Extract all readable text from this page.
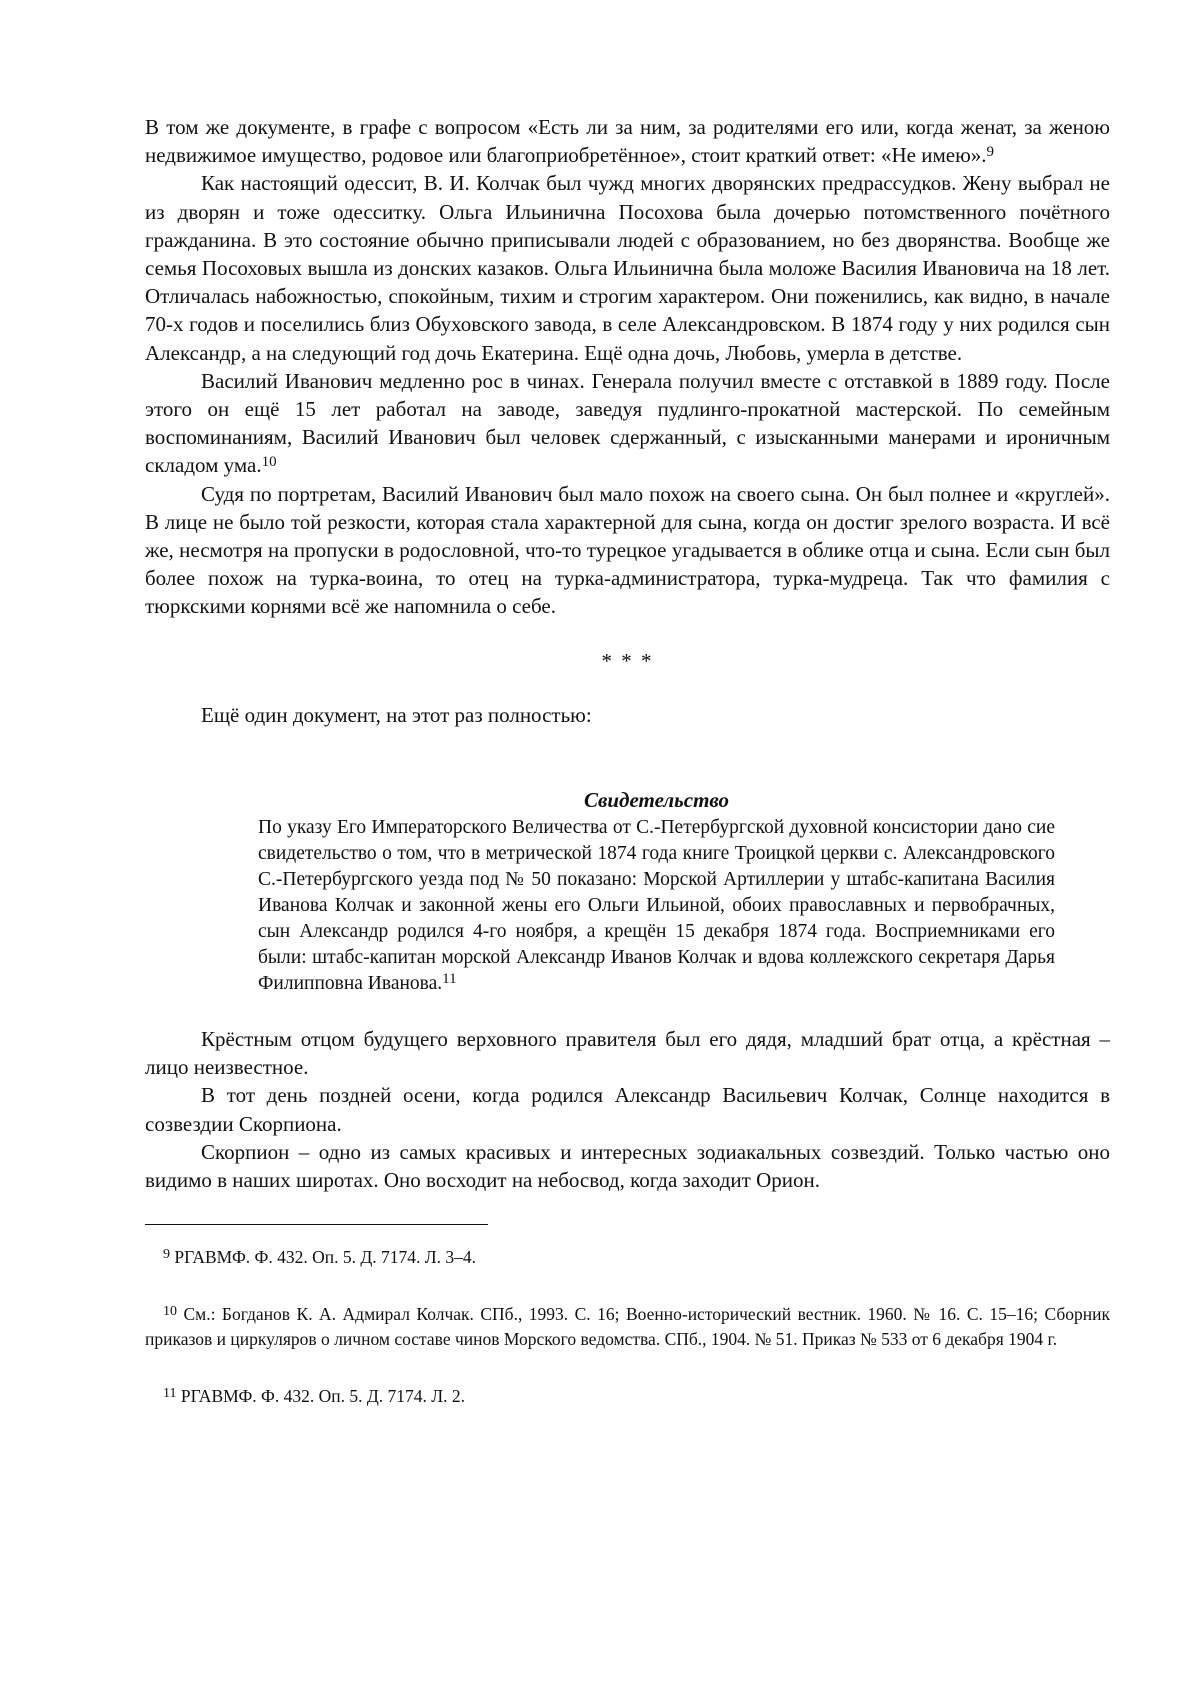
В том же документе, в графе с вопросом «Есть ли за ним, за родителями его или, когда женат, за женою недвижимое имущество, родовое или благоприобретённое», стоит краткий ответ: «Не имею».$^9$

Как настоящий одессит, В. И. Колчак был чужд многих дворянских предрассудков. Жену выбрал не из дворян и тоже одесситку. Ольга Ильинична Посохова была дочерью потомственного почётного гражданина. В это состояние обычно приписывали людей с образованием, но без дворянства. Вообще же семья Посоховых вышла из донских казаков. Ольга Ильинична была моложе Василия Ивановича на 18 лет. Отличалась набожностью, спокойным, тихим и строгим характером. Они поженились, как видно, в начале 70-х годов и поселились близ Обуховского завода, в селе Александровском. В 1874 году у них родился сын Александр, а на следующий год дочь Екатерина. Ещё одна дочь, Любовь, умерла в детстве.

Василий Иванович медленно рос в чинах. Генерала получил вместе с отставкой в 1889 году. После этого он ещё 15 лет работал на заводе, заведуя пудлинго-прокатной мастерской. По семейным воспоминаниям, Василий Иванович был человек сдержанный, с изысканными манерами и ироничным складом ума.$^{10}$

Судя по портретам, Василий Иванович был мало похож на своего сына. Он был полнее и «круглей». В лице не было той резкости, которая стала характерной для сына, когда он достиг зрелого возраста. И всё же, несмотря на пропуски в родословной, что-то турецкое угадывается в облике отца и сына. Если сын был более похож на турка-воина, то отец на турка-администратора, турка-мудреца. Так что фамилия с тюркскими корнями всё же напомнила о себе.

* * *

Ещё один документ, на этот раз полностью:

Свидетельство

По указу Его Императорского Величества от С.-Петербургской духовной консистории дано сие свидетельство о том, что в метрической 1874 года книге Троицкой церкви с. Александровского С.-Петербургского уезда под № 50 показано: Морской Артиллерии у штабс-капитана Василия Иванова Колчак и законной жены его Ольги Ильиной, обоих православных и первобрачных, сын Александр родился 4-го ноября, а крещён 15 декабря 1874 года. Восприемниками его были: штабс-капитан морской Александр Иванов Колчак и вдова коллежского секретаря Дарья Филипповна Иванова.$^{11}$

Крёстным отцом будущего верховного правителя был его дядя, младший брат отца, а крёстная – лицо неизвестное.

В тот день поздней осени, когда родился Александр Васильевич Колчак, Солнце находится в созвездии Скорпиона.

Скорпион – одно из самых красивых и интересных зодиакальных созвездий. Только частью оно видимо в наших широтах. Оно восходит на небосвод, когда заходит Орион.

$^9$ РГАВМФ. Ф. 432. Оп. 5. Д. 7174. Л. 3–4.

$^{10}$ См.: Богданов К. А. Адмирал Колчак. СПб., 1993. С. 16; Военно-исторический вестник. 1960. № 16. С. 15–16; Сборник приказов и циркуляров о личном составе чинов Морского ведомства. СПб., 1904. № 51. Приказ № 533 от 6 декабря 1904 г.

$^{11}$ РГАВМФ. Ф. 432. Оп. 5. Д. 7174. Л. 2.
